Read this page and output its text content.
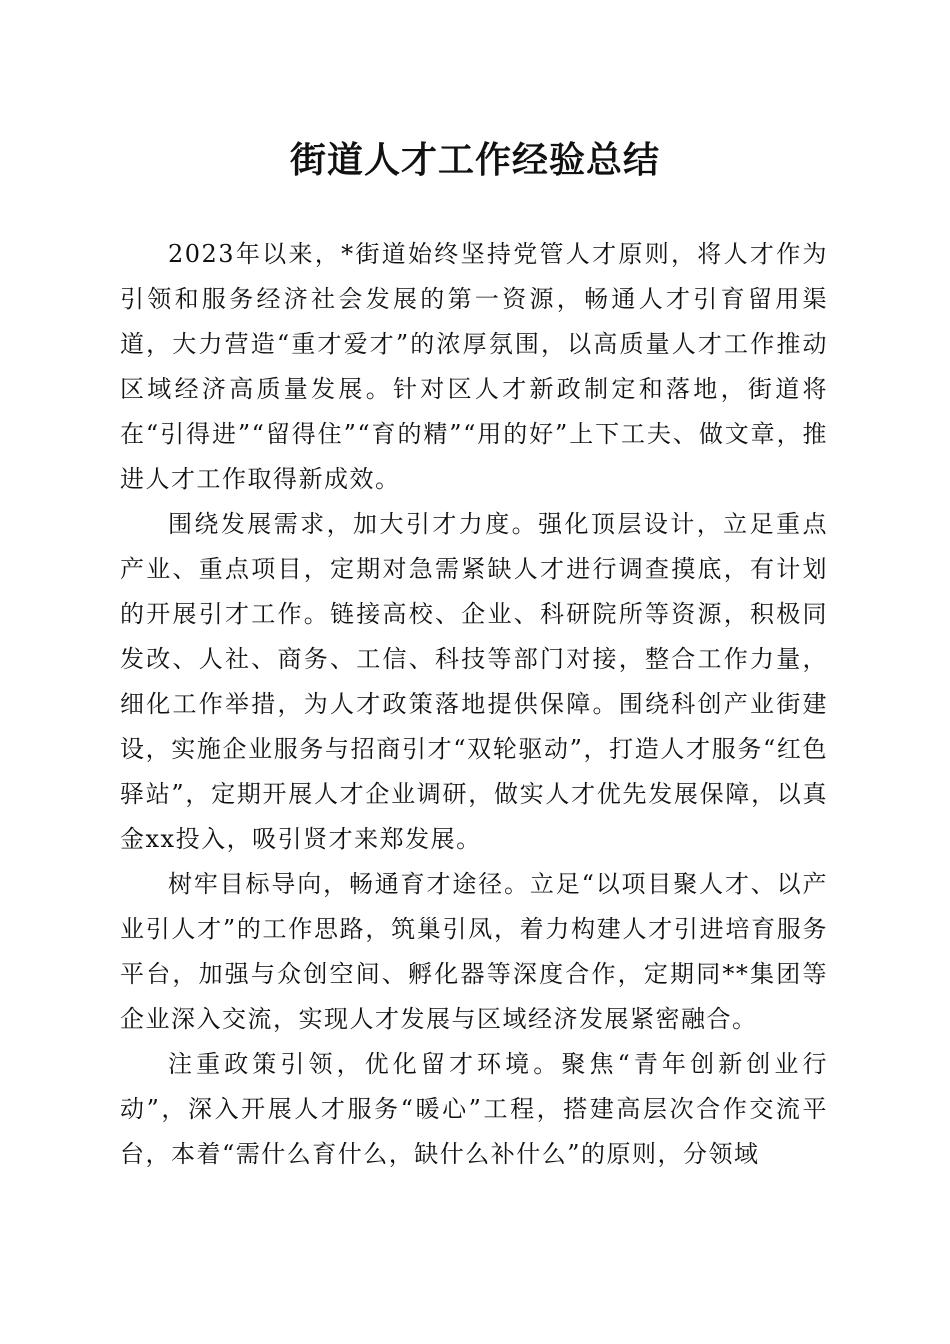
街道人才工作经验总结

2023年以来，*街道始终坚持党管人才原则，将人才作为引领和服务经济社会发展的第一资源，畅通人才引育留用渠道，大力营造“重才爱才”的浓厚氛围，以高质量人才工作推动区域经济高质量发展。针对区人才新政制定和落地，街道将在“引得进”“留得住”“育的精”“用的好”上下工夫、做文章，推进人才工作取得新成效。

围绕发展需求，加大引才力度。强化顶层设计，立足重点产业、重点项目，定期对急需紧缺人才进行调查摸底，有计划的开展引才工作。链接高校、企业、科研院所等资源，积极同发改、人社、商务、工信、科技等部门对接，整合工作力量，细化工作举措，为人才政策落地提供保障。围绕科创产业街建设，实施企业服务与招商引才“双轮驱动”，打造人才服务“红色驿站”，定期开展人才企业调研，做实人才优先发展保障，以真金xx投入，吸引贤才来郑发展。

树牢目标导向，畅通育才途径。立足“以项目聚人才、以产业引人才”的工作思路，筑巢引凤，着力构建人才引进培育服务平台，加强与众创空间、孵化器等深度合作，定期同**集团等企业深入交流，实现人才发展与区域经济发展紧密融合。

注重政策引领，优化留才环境。聚焦“青年创新创业行动”，深入开展人才服务“暖心”工程，搭建高层次合作交流平台，本着“需什么育什么，缺什么补什么”的原则，分领域
